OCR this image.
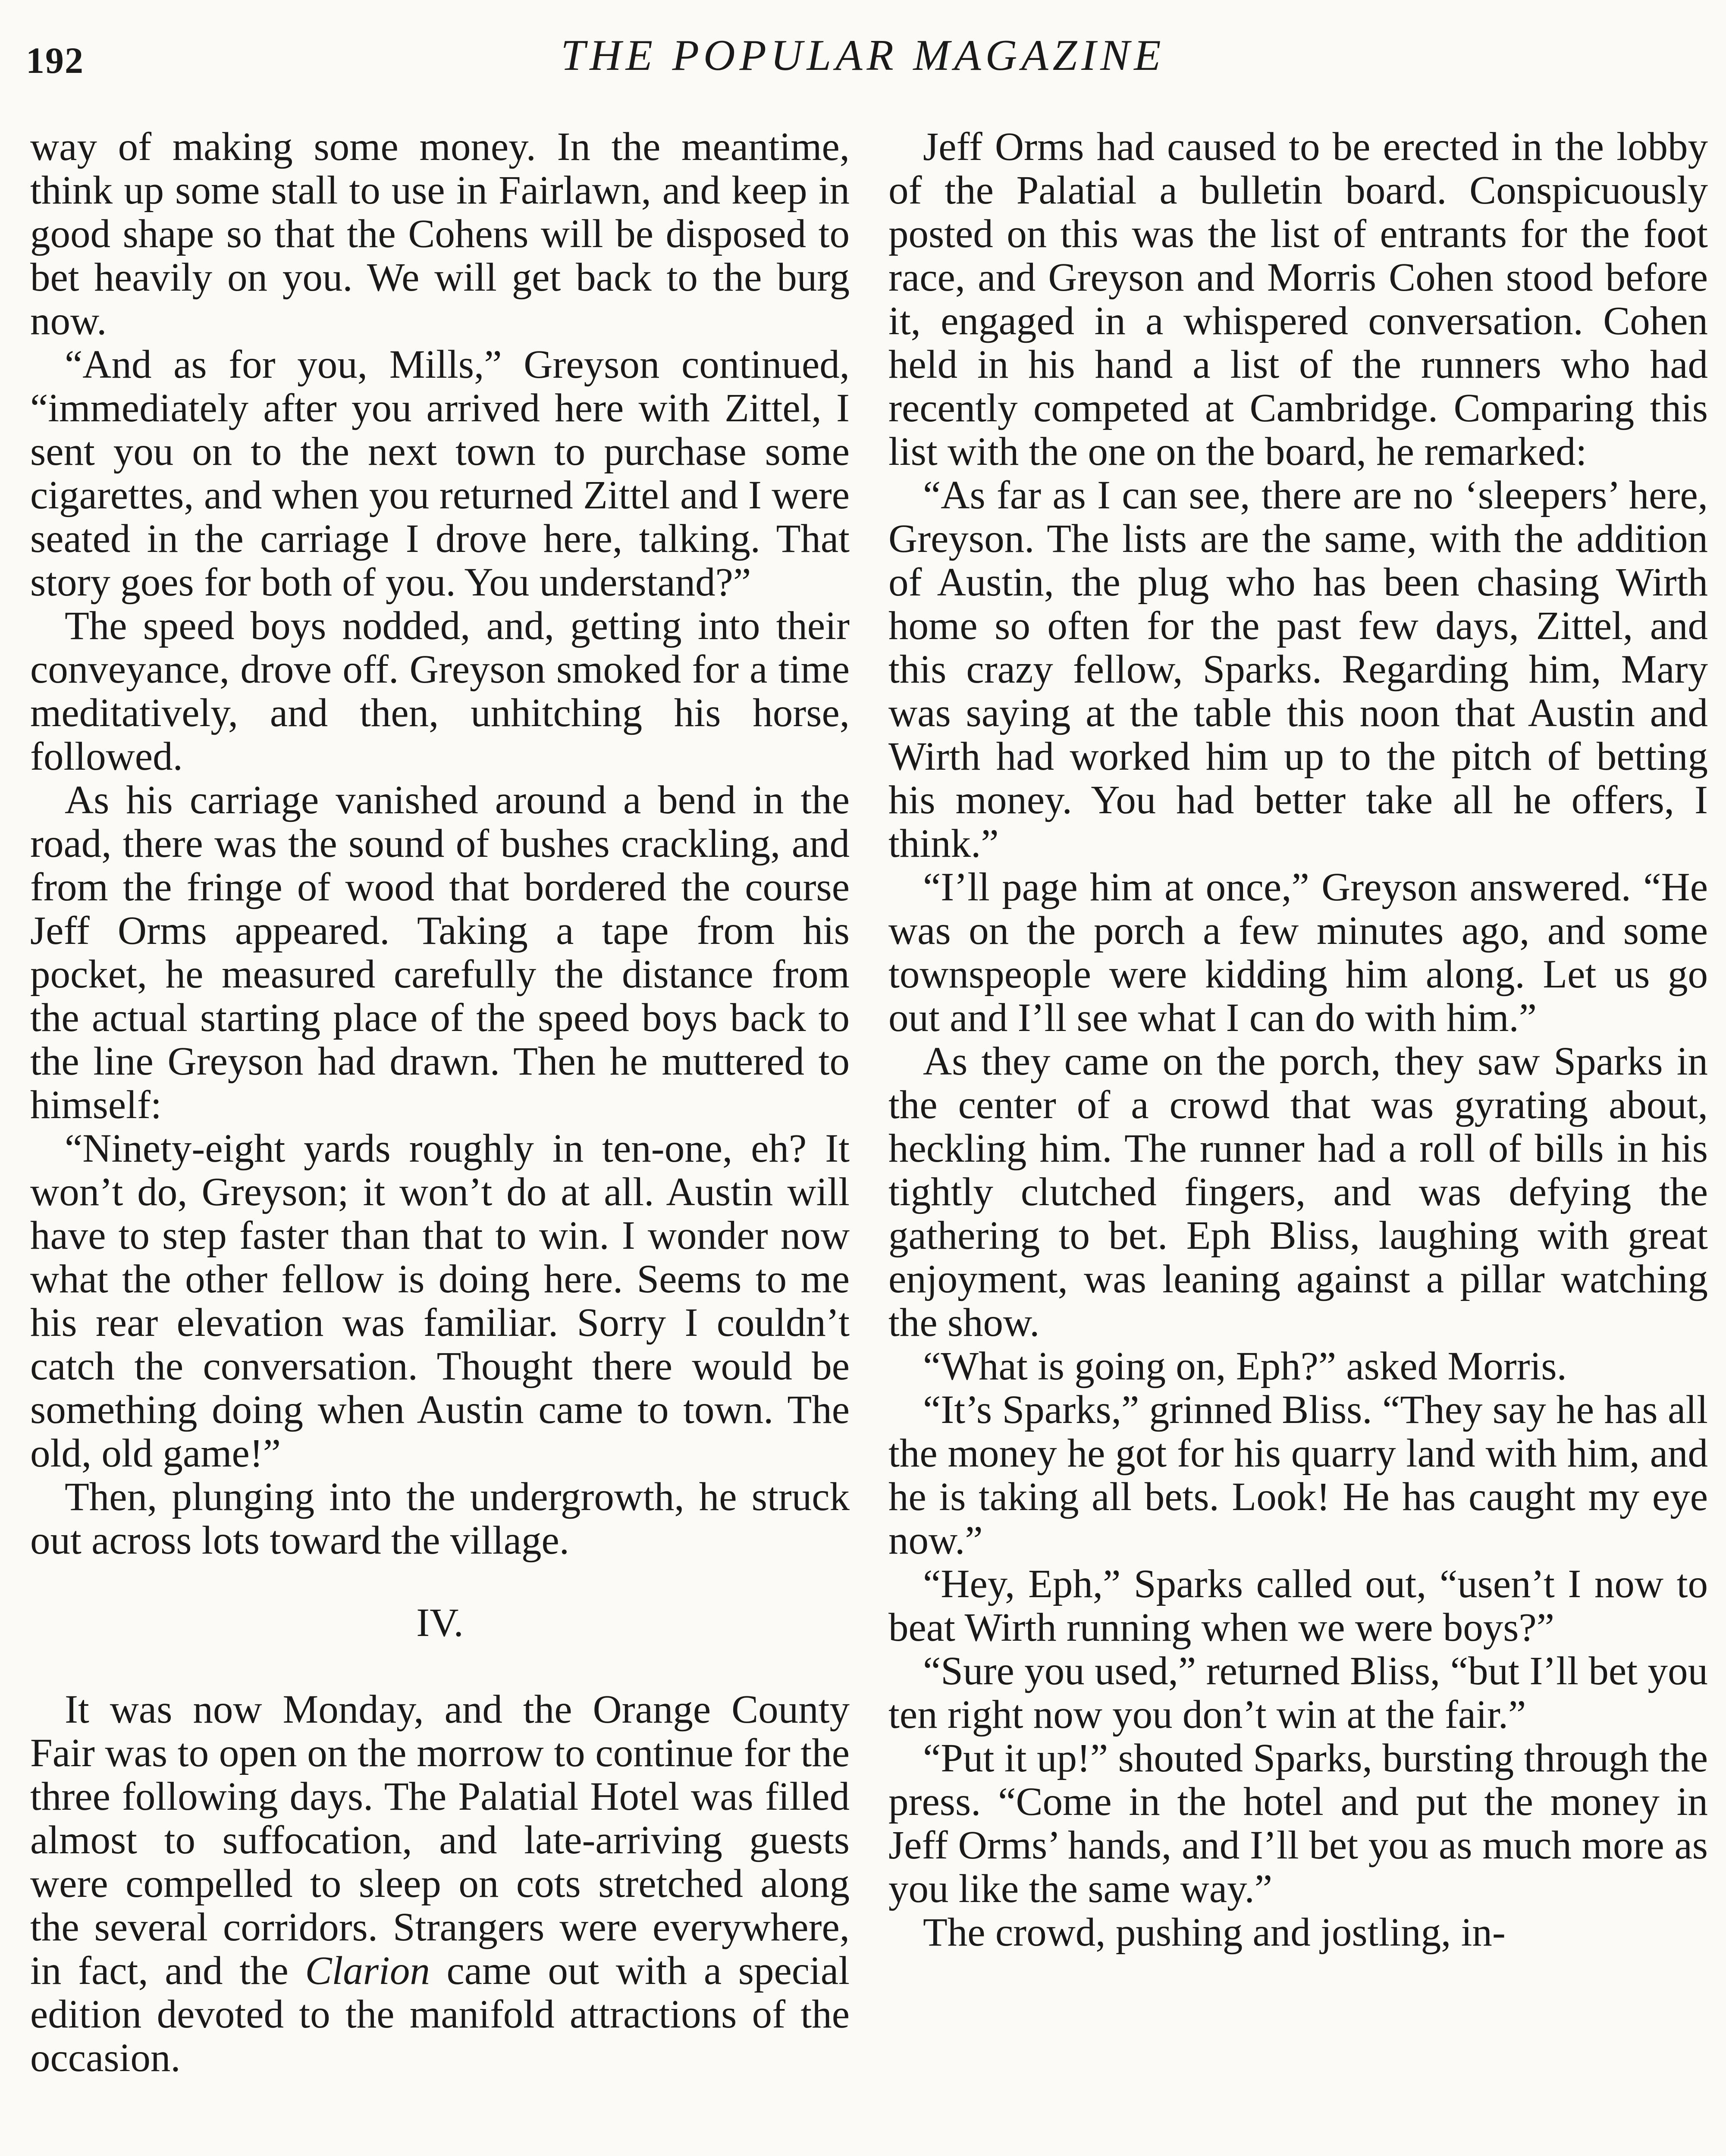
192	THE POPULAR MAGAZINE

way of making some money. In the meantime, think up some stall to use in Fairlawn, and keep in good shape so that the Cohens will be disposed to bet heavily on you. We will get back to the burg now.

“And as for you, Mills,” Greyson continued, “immediately after you arrived here with Zittel, I sent you on to the next town to purchase some cigarettes, and when you returned Zittel and I were seated in the carriage I drove here, talking. That story goes for both of you. You understand?”

The speed boys nodded, and, getting into their conveyance, drove off. Greyson smoked for a time meditatively, and then, unhitching his horse, followed.

As his carriage vanished around a bend in the road, there was the sound of bushes crackling, and from the fringe of wood that bordered the course Jeff Orms appeared. Taking a tape from his pocket, he measured carefully the distance from the actual starting place of the speed boys back to the line Greyson had drawn. Then he muttered to himself:

“Ninety-eight yards roughly in ten-one, eh? It won’t do, Greyson; it won’t do at all. Austin will have to step faster than that to win. I wonder now what the other fellow is doing here. Seems to me his rear elevation was familiar. Sorry I couldn’t catch the conversation. Thought there would be something doing when Austin came to town. The old, old game!”

Then, plunging into the undergrowth, he struck out across lots toward the village.

IV.

It was now Monday, and the Orange County Fair was to open on the morrow to continue for the three following days. The Palatial Hotel was filled almost to suffocation, and late-arriving guests were compelled to sleep on cots stretched along the several corridors. Strangers were everywhere, in fact, and the Clarion came out with a special edition devoted to the manifold attractions of the occasion.

Jeff Orms had caused to be erected in the lobby of the Palatial a bulletin board. Conspicuously posted on this was the list of entrants for the foot race, and Greyson and Morris Cohen stood before it, engaged in a whispered conversation. Cohen held in his hand a list of the runners who had recently competed at Cambridge. Comparing this list with the one on the board, he remarked:

“As far as I can see, there are no ‘sleepers’ here, Greyson. The lists are the same, with the addition of Austin, the plug who has been chasing Wirth home so often for the past few days, Zittel, and this crazy fellow, Sparks. Regarding him, Mary was saying at the table this noon that Austin and Wirth had worked him up to the pitch of betting his money. You had better take all he offers, I think.”

“I’ll page him at once,” Greyson answered. “He was on the porch a few minutes ago, and some townspeople were kidding him along. Let us go out and I’ll see what I can do with him.”

As they came on the porch, they saw Sparks in the center of a crowd that was gyrating about, heckling him. The runner had a roll of bills in his tightly clutched fingers, and was defying the gathering to bet. Eph Bliss, laughing with great enjoyment, was leaning against a pillar watching the show.

“What is going on, Eph?” asked Morris.

“It’s Sparks,” grinned Bliss. “They say he has all the money he got for his quarry land with him, and he is taking all bets. Look! He has caught my eye now.”

“Hey, Eph,” Sparks called out, “usen’t I now to beat Wirth running when we were boys?”

“Sure you used,” returned Bliss, “but I’ll bet you ten right now you don’t win at the fair.”

“Put it up!” shouted Sparks, bursting through the press. “Come in the hotel and put the money in Jeff Orms’ hands, and I’ll bet you as much more as you like the same way.”

The crowd, pushing and jostling, in-
